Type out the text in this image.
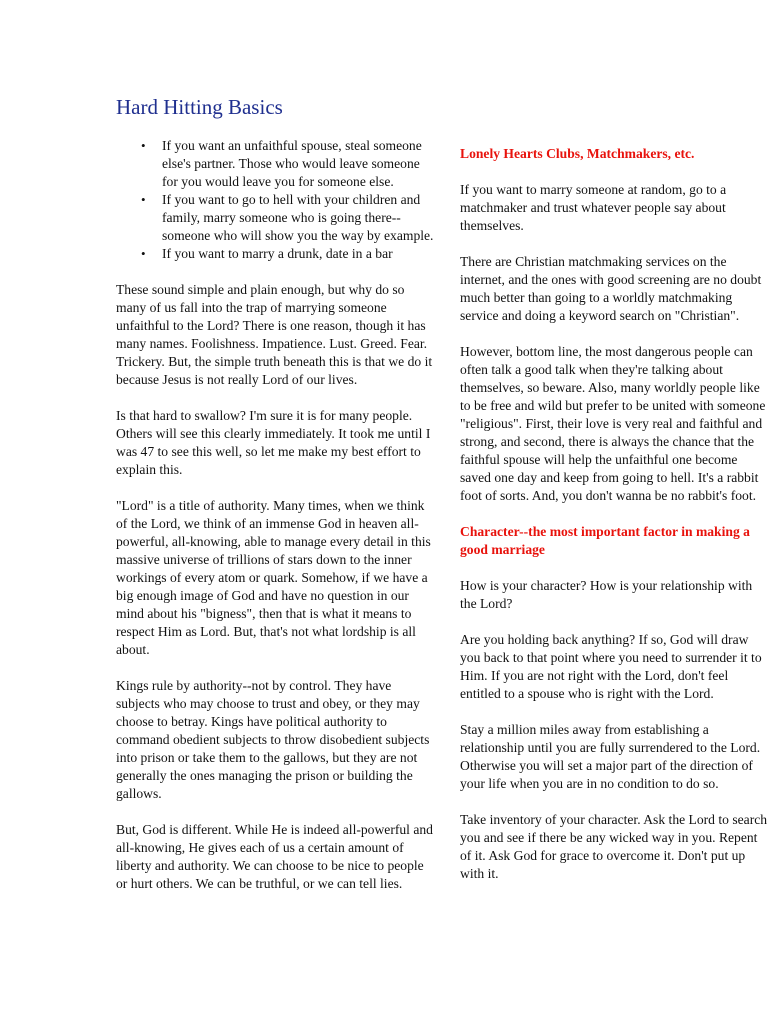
Hard Hitting Basics
• If you want an unfaithful spouse, steal someone else's partner. Those who would leave someone for you would leave you for someone else.
• If you want to go to hell with your children and family, marry someone who is going there--someone who will show you the way by example.
• If you want to marry a drunk, date in a bar

These sound simple and plain enough, but why do so many of us fall into the trap of marrying someone unfaithful to the Lord? There is one reason, though it has many names. Foolishness. Impatience. Lust. Greed. Fear. Trickery. But, the simple truth beneath this is that we do it because Jesus is not really Lord of our lives.

Is that hard to swallow? I'm sure it is for many people. Others will see this clearly immediately. It took me until I was 47 to see this well, so let me make my best effort to explain this.

"Lord" is a title of authority. Many times, when we think of the Lord, we think of an immense God in heaven all-powerful, all-knowing, able to manage every detail in this massive universe of trillions of stars down to the inner workings of every atom or quark. Somehow, if we have a big enough image of God and have no question in our mind about his "bigness", then that is what it means to respect Him as Lord. But, that's not what lordship is all about.

Kings rule by authority--not by control. They have subjects who may choose to trust and obey, or they may choose to betray. Kings have political authority to command obedient subjects to throw disobedient subjects into prison or take them to the gallows, but they are not generally the ones managing the prison or building the gallows.

But, God is different. While He is indeed all-powerful and all-knowing, He gives each of us a certain amount of liberty and authority. We can choose to be nice to people or hurt others. We can be truthful, or we can tell lies.

Lonely Hearts Clubs, Matchmakers, etc.

If you want to marry someone at random, go to a matchmaker and trust whatever people say about themselves.

There are Christian matchmaking services on the internet, and the ones with good screening are no doubt much better than going to a worldly matchmaking service and doing a keyword search on "Christian".

However, bottom line, the most dangerous people can often talk a good talk when they're talking about themselves, so beware. Also, many worldly people like to be free and wild but prefer to be united with someone "religious". First, their love is very real and faithful and strong, and second, there is always the chance that the faithful spouse will help the unfaithful one become saved one day and keep from going to hell. It's a rabbit foot of sorts. And, you don't wanna be no rabbit's foot.

Character--the most important factor in making a good marriage

How is your character? How is your relationship with the Lord?

Are you holding back anything? If so, God will draw you back to that point where you need to surrender it to Him. If you are not right with the Lord, don't feel entitled to a spouse who is right with the Lord.

Stay a million miles away from establishing a relationship until you are fully surrendered to the Lord. Otherwise you will set a major part of the direction of your life when you are in no condition to do so.

Take inventory of your character. Ask the Lord to search you and see if there be any wicked way in you. Repent of it. Ask God for grace to overcome it. Don't put up with it.
